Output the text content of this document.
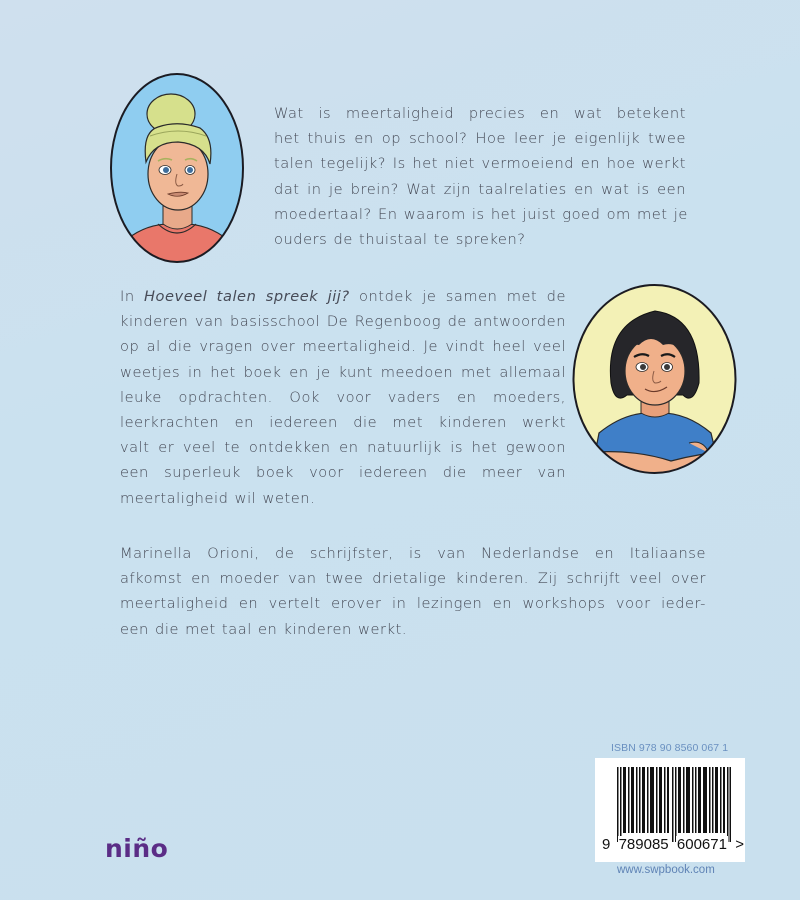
Wat is meertaligheid precies en wat betekent
het thuis en op school? Hoe leer je eigenlijk twee
talen tegelijk? Is het niet vermoeiend en hoe werkt
dat in je brein? Wat zijn taalrelaties en wat is een
moedertaal? En waarom is het juist goed om met je
ouders de thuistaal te spreken?
In Hoeveel talen spreek jij? ontdek je samen met de
kinderen van basisschool De Regenboog de antwoorden
op al die vragen over meertaligheid. Je vindt heel veel
weetjes in het boek en je kunt meedoen met allemaal
leuke opdrachten. Ook voor vaders en moeders,
leerkrachten en iedereen die met kinderen werkt
valt er veel te ontdekken en natuurlijk is het gewoon
een superleuk boek voor iedereen die meer van
meertaligheid wil weten.
Marinella Orioni, de schrijfster, is van Nederlandse en Italiaanse
afkomst en moeder van twee drietalige kinderen. Zij schrijft veel over
meertaligheid en vertelt erover in lezingen en workshops voor ieder-
een die met taal en kinderen werkt.
niño
ISBN 978 90 8560 067 1
9 789085 600671 >
www.swpbook.com
